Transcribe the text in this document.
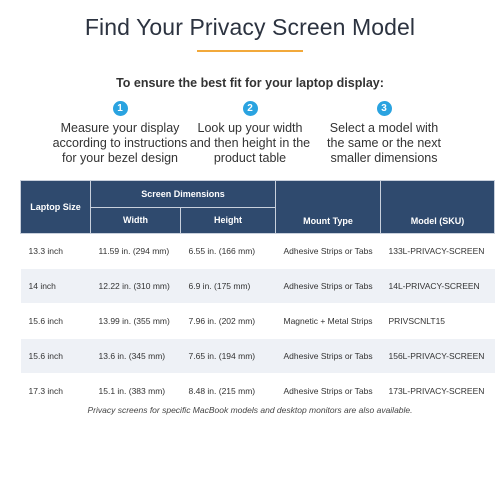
Find Your Privacy Screen Model
To ensure the best fit for your laptop display:
1
Measure your display
according to instructions
for your bezel design
2
Look up your width
and then height in the
product table
3
Select a model with
the same or the next
smaller dimensions
Laptop Size	Screen Dimensions		Mount Type	Model (SKU)
	Width	Height		
13.3 inch	11.59 in. (294 mm)	6.55 in. (166 mm)	Adhesive Strips or Tabs	133L-PRIVACY-SCREEN
14 inch	12.22 in. (310 mm)	6.9 in. (175 mm)	Adhesive Strips or Tabs	14L-PRIVACY-SCREEN
15.6 inch	13.99 in. (355 mm)	7.96 in. (202 mm)	Magnetic + Metal Strips	PRIVSCNLT15
15.6 inch	13.6 in. (345 mm)	7.65 in. (194 mm)	Adhesive Strips or Tabs	156L-PRIVACY-SCREEN
17.3 inch	15.1 in. (383 mm)	8.48 in. (215 mm)	Adhesive Strips or Tabs	173L-PRIVACY-SCREEN
Privacy screens for specific MacBook models and desktop monitors are also available.
